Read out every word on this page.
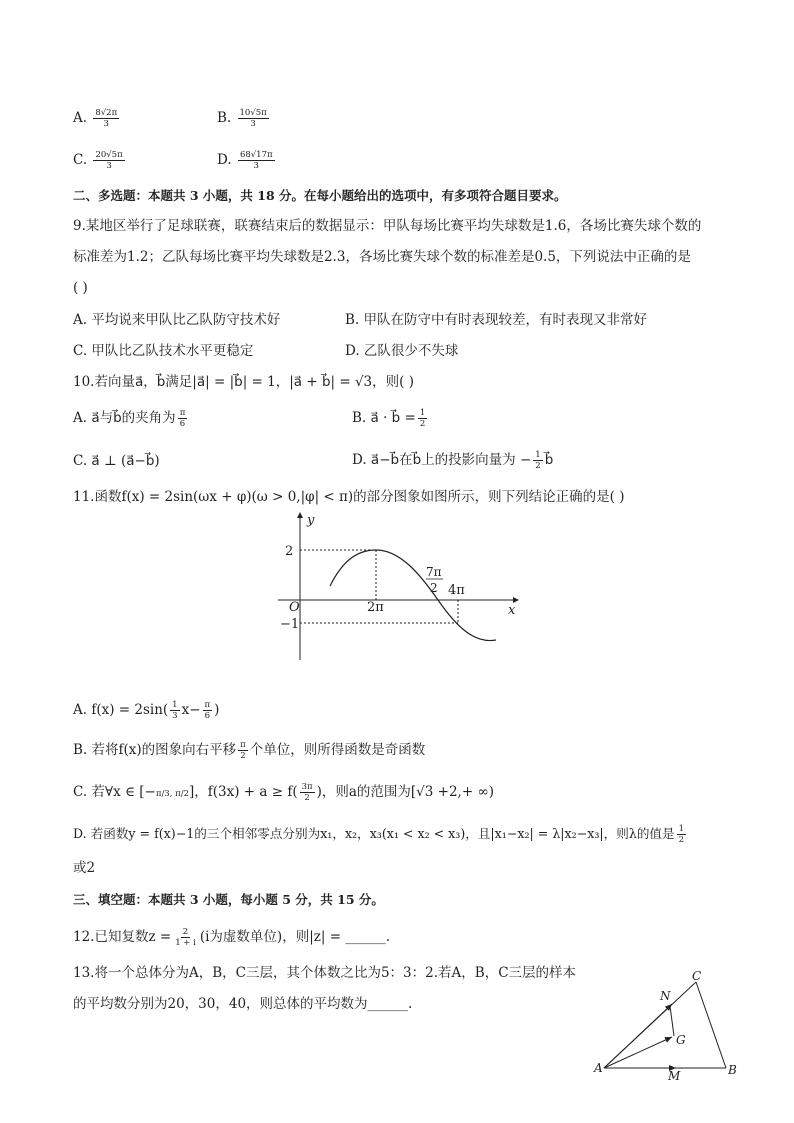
A. $\frac{8√2\pi}{3}$	B. $\frac{10√5\pi}{3}$
C. $\frac{20√5\pi}{3}$	D. $\frac{68√17\pi}{3}$
二、多选题：本题共 3 小题，共 18 分。在每小题给出的选项中，有多项符合题目要求。
9.某地区举行了足球联赛，联赛结束后的数据显示：甲队每场比赛平均失球数是1.6，各场比赛失球个数的
标准差为1.2；乙队每场比赛平均失球数是2.3，各场比赛失球个数的标准差是0.5，下列说法中正确的是
( )
A. 平均说来甲队比乙队防守技术好	B. 甲队在防守中有时表现较差，有时表现又非常好
C. 甲队比乙队技术水平更稳定	D. 乙队很少不失球
10.若向量a⃗，b⃗满足|a⃗| = |b⃗| = 1，|a⃗ + b⃗| = √3，则( )
A. a⃗与b⃗的夹角为 $\frac{\pi}{6}$	B. a⃗ · b⃗ = $\frac{1}{2}$
C. a⃗ ⊥ (a⃗−b⃗)	D. a⃗−b⃗在b⃗上的投影向量为 − $\frac{1}{2}$ b⃗
11.函数f(x) = 2sin(ωx + φ)(ω > 0,|φ| < π)的部分图象如图所示，则下列结论正确的是( )
y
x
O
2
−1
2π
4π
7π
2
A. $f(x) = 2\sin( \frac{1}{3} x- \frac{\pi}{6}$ )
B. 若将f(x)的图象向右平移 $\frac{\pi}{2}$ 个单位，则所得函数是奇函数
C. 若∀x ∈ [−π/3, π/2]，$f(3x) + a \ge f( \frac{3\pi}{2}$ )，则a的范围为[√3 +2,+ ∞)
D. 若函数y = f(x)−1的三个相邻零点分别为x₁，x₂，x₃(x₁ < x₂ < x₃)，且|x₁−x₂| = λ|x₂−x₃|，则λ的值是 $\frac{1}{2}$
或2
三、填空题：本题共 3 小题，每小题 5 分，共 15 分。
12.已知复数$z = \frac{2}{1 + i} (i$为虚数单位)，则|z| = ______.
13.将一个总体分为A，B，C三层，其个体数之比为5：3：2.若A，B，C三层的样本
的平均数分别为20，30，40，则总体的平均数为______.
A	B
C
N
G
M
